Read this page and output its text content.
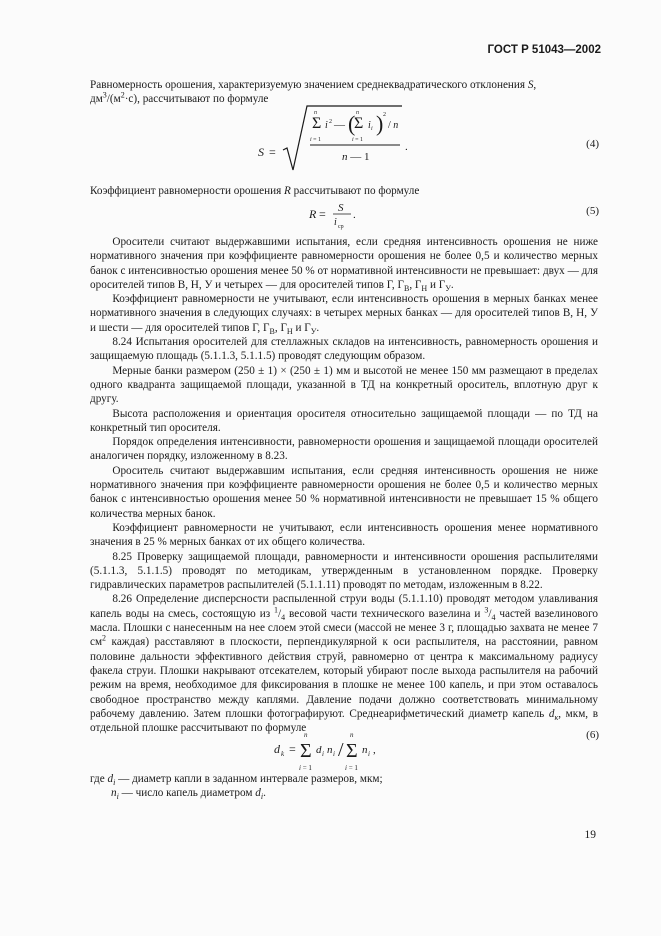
ГОСТ Р 51043—2002

Равномерность орошения, характеризуемую значением среднеквадратического отклонения S,
$дм^3/(м^2\cdot с)$, рассчитывают по формуле

S =
Σ
n
i = 1
i 2 — (
Σ
n
i = 1
i i ) 2
/ n
n — 1
.	(4)

Коэффициент равномерности орошения R рассчитывают по формуле

R = S
i ср
.	(5)

  Оросители считают выдержавшими испытания, если средняя интенсивность орошения не ниже нормативного значения при коэффициенте равномерности орошения не более 0,5 и количество мерных банок с интенсивностью орошения менее 50 % от нормативной интенсивности не превышает: двух — для оросителей типов В, Н, У и четырех — для оросителей типов Г, $Г_В$, $Г_Н$ и $Г_У$.

  Коэффициент равномерности не учитывают, если интенсивность орошения в мерных банках менее нормативного значения в следующих случаях: в четырех мерных банках — для оросителей типов В, Н, У и шести — для оросителей типов Г, $Г_В$, $Г_Н$ и $Г_У$.

  8.24 Испытания оросителей для стеллажных складов на интенсивность, равномерность орошения и защищаемую площадь (5.1.1.3, 5.1.1.5) проводят следующим образом.

  Мерные банки размером (250 ± 1) × (250 ± 1) мм и высотой не менее 150 мм размещают в пределах одного квадранта защищаемой площади, указанной в ТД на конкретный ороситель, вплотную друг к другу.

  Высота расположения и ориентация оросителя относительно защищаемой площади — по ТД на конкретный тип оросителя.

  Порядок определения интенсивности, равномерности орошения и защищаемой площади оросителей аналогичен порядку, изложенному в 8.23.

  Ороситель считают выдержавшим испытания, если средняя интенсивность орошения не ниже нормативного значения при коэффициенте равномерности орошения не более 0,5 и количество мерных банок с интенсивностью орошения менее 50 % нормативной интенсивности не превышает 15 % общего количества мерных банок.

  Коэффициент равномерности не учитывают, если интенсивность орошения менее нормативного значения в 25 % мерных банках от их общего количества.

  8.25 Проверку защищаемой площади, равномерности и интенсивности орошения распылителями (5.1.1.3, 5.1.1.5) проводят по методикам, утвержденным в установленном порядке. Проверку гидравлических параметров распылителей (5.1.1.11) проводят по методам, изложенным в 8.22.

  8.26 Определение дисперсности распыленной струи воды (5.1.1.10) проводят методом улавливания капель воды на смесь, состоящую из $^1/_4$ весовой части технического вазелина и $^3/_4$ частей вазелинового масла. Плошки с нанесенным на нее слоем этой смеси (массой не менее 3 г, площадью захвата не менее 7 $см^2$ каждая) расставляют в плоскости, перпендикулярной к оси распылителя, на расстоянии, равном половине дальности эффективного действия струй, равномерно от центра к максимальному радиусу факела струи. Плошки накрывают отсекателем, который убирают после выхода распылителя на рабочий режим на время, необходимое для фиксирования в плошке не менее 100 капель, и при этом оставалось свободное пространство между каплями. Давление подачи должно соответствовать минимальному рабочему давлению. Затем плошки фотографируют. Среднеарифметический диаметр капель $d_к$, мкм, в отдельной плошке рассчитывают по формуле

d k = Σ
n
i = 1
d i n i / Σ
n
i = 1
n i ,
(6)

где $d_i$ — диаметр капли в заданном интервале размеров, мкм;

$n_i$ — число капель диаметром $d_i$.

19
